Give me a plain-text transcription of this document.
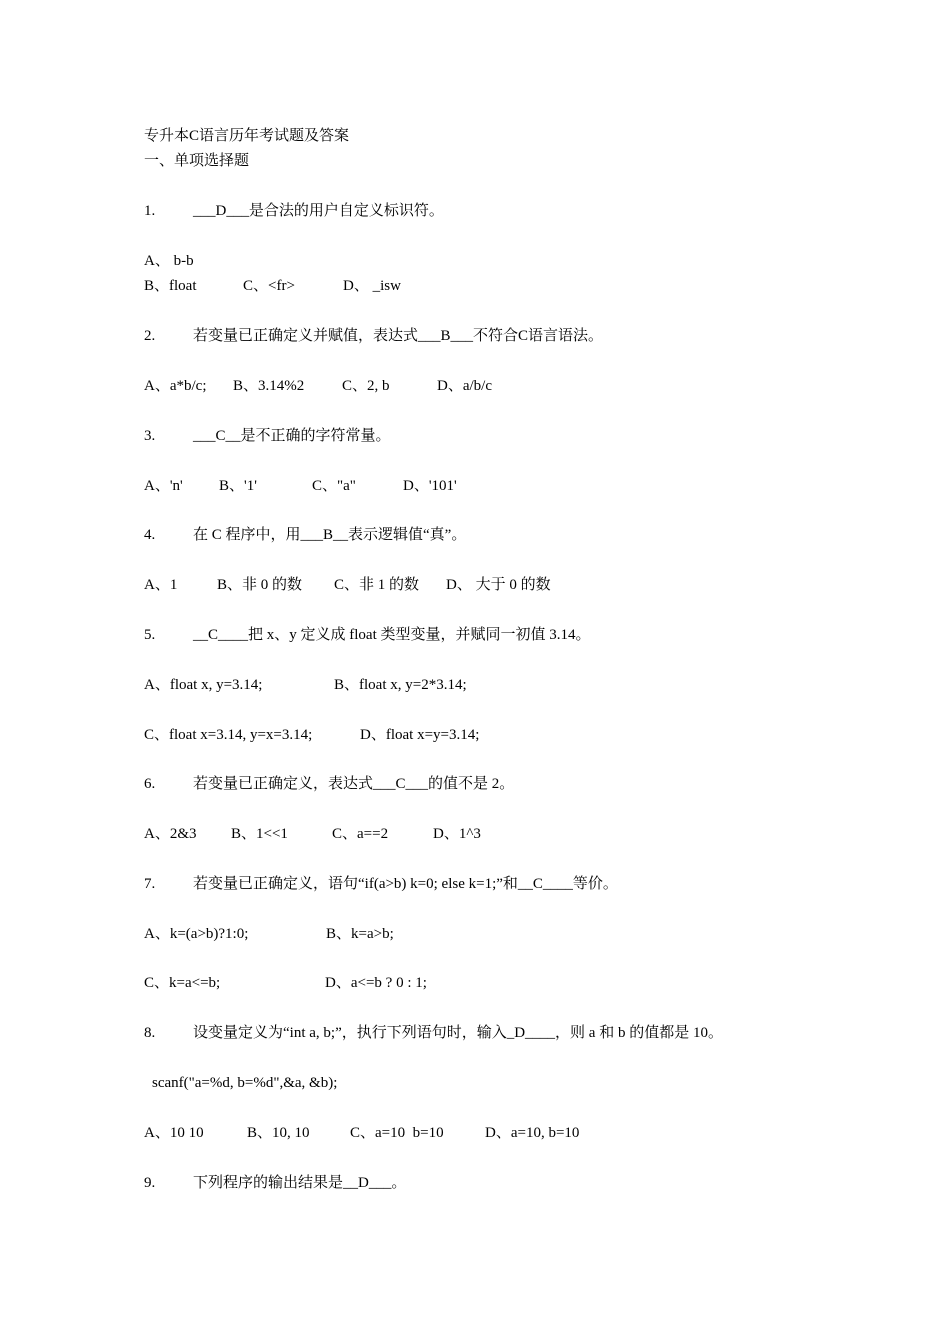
专升本C语言历年考试题及答案
一、单项选择题
1.	___D___是合法的用户自定义标识符。
A、 b-b
B、float	C、<fr>	D、 _isw
2.	若变量已正确定义并赋值，表达式___B___不符合C语言语法。
A、a*b/c; B、3.14%2	C、2, b	D、a/b/c
3.	___C__是不正确的字符常量。
A、'n' B、'1'	C、"a"	D、'101'
4.	在 C 程序中，用___B__表示逻辑值“真”。
A、1	B、非 0 的数 C、非 1 的数 D、 大于 0 的数
5.	__C____把 x、y 定义成 float 类型变量，并赋同一初值 3.14。
A、float x, y=3.14;	B、float x, y=2*3.14;
C、float x=3.14, y=x=3.14;	D、float x=y=3.14;
6.	若变量已正确定义，表达式___C___的值不是 2。
A、2&3 B、1<<1	C、a==2	D、1^3
7.	若变量已正确定义，语句“if(a>b) k=0; else k=1;”和__C____等价。
A、k=(a>b)?1:0;	B、k=a>b;
C、k=a<=b;	D、a<=b ? 0 : 1;
8.	设变量定义为“int a, b;”，执行下列语句时，输入_D____，则 a 和 b 的值都是 10。
scanf("a=%d, b=%d",&a, &b);
A、10 10	B、10, 10	C、a=10  b=10	D、a=10, b=10
9.	下列程序的输出结果是__D___。
